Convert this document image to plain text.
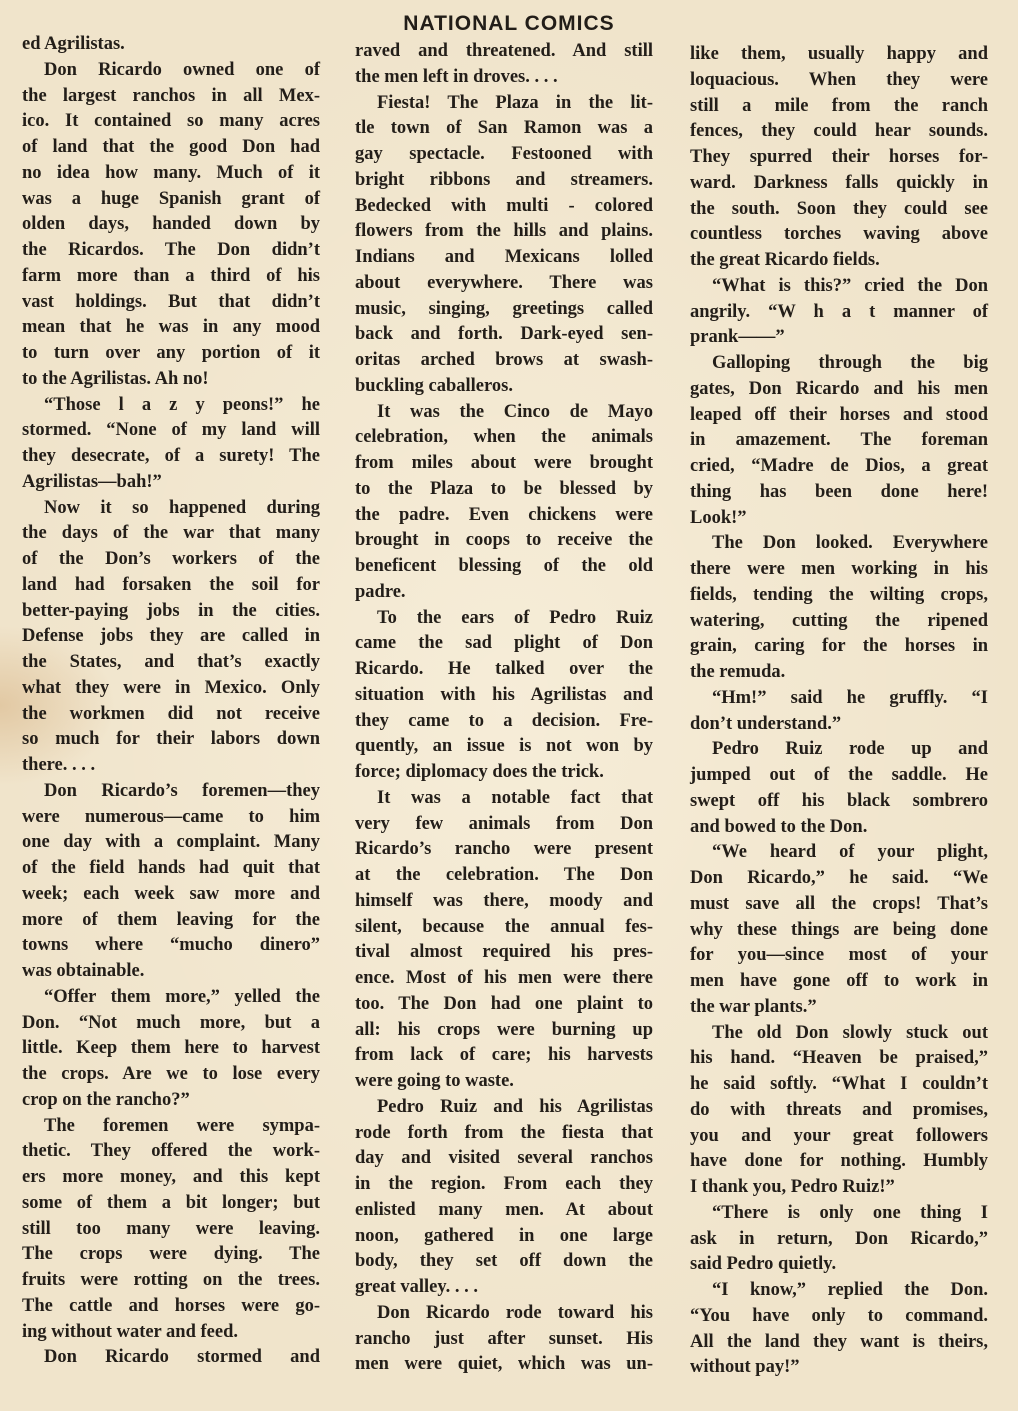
NATIONAL COMICS
ed Agrilistas.
Don Ricardo owned one of
the largest ranchos in all Mex-
ico. It contained so many acres
of land that the good Don had
no idea how many. Much of it
was a huge Spanish grant of
olden days, handed down by
the Ricardos. The Don didn’t
farm more than a third of his
vast holdings. But that didn’t
mean that he was in any mood
to turn over any portion of it
to the Agrilistas. Ah no!
“Those l a z y peons!” he
stormed. “None of my land will
they desecrate, of a surety! The
Agrilistas—bah!”
Now it so happened during
the days of the war that many
of the Don’s workers of the
land had forsaken the soil for
better-paying jobs in the cities.
Defense jobs they are called in
the States, and that’s exactly
what they were in Mexico. Only
the workmen did not receive
so much for their labors down
there. . . .
Don Ricardo’s foremen—they
were numerous—came to him
one day with a complaint. Many
of the field hands had quit that
week; each week saw more and
more of them leaving for the
towns where “mucho dinero”
was obtainable.
“Offer them more,” yelled the
Don. “Not much more, but a
little. Keep them here to harvest
the crops. Are we to lose every
crop on the rancho?”
The foremen were sympa-
thetic. They offered the work-
ers more money, and this kept
some of them a bit longer; but
still too many were leaving.
The crops were dying. The
fruits were rotting on the trees.
The cattle and horses were go-
ing without water and feed.
Don Ricardo stormed and
raved and threatened. And still
the men left in droves. . . .
Fiesta! The Plaza in the lit-
tle town of San Ramon was a
gay spectacle. Festooned with
bright ribbons and streamers.
Bedecked with multi - colored
flowers from the hills and plains.
Indians and Mexicans lolled
about everywhere. There was
music, singing, greetings called
back and forth. Dark-eyed sen-
oritas arched brows at swash-
buckling caballeros.
It was the Cinco de Mayo
celebration, when the animals
from miles about were brought
to the Plaza to be blessed by
the padre. Even chickens were
brought in coops to receive the
beneficent blessing of the old
padre.
To the ears of Pedro Ruiz
came the sad plight of Don
Ricardo. He talked over the
situation with his Agrilistas and
they came to a decision. Fre-
quently, an issue is not won by
force; diplomacy does the trick.
It was a notable fact that
very few animals from Don
Ricardo’s rancho were present
at the celebration. The Don
himself was there, moody and
silent, because the annual fes-
tival almost required his pres-
ence. Most of his men were there
too. The Don had one plaint to
all: his crops were burning up
from lack of care; his harvests
were going to waste.
Pedro Ruiz and his Agrilistas
rode forth from the fiesta that
day and visited several ranchos
in the region. From each they
enlisted many men. At about
noon, gathered in one large
body, they set off down the
great valley. . . .
Don Ricardo rode toward his
rancho just after sunset. His
men were quiet, which was un-
like them, usually happy and
loquacious. When they were
still a mile from the ranch
fences, they could hear sounds.
They spurred their horses for-
ward. Darkness falls quickly in
the south. Soon they could see
countless torches waving above
the great Ricardo fields.
“What is this?” cried the Don
angrily. “W h a t manner of
prank——”
Galloping through the big
gates, Don Ricardo and his men
leaped off their horses and stood
in amazement. The foreman
cried, “Madre de Dios, a great
thing has been done here!
Look!”
The Don looked. Everywhere
there were men working in his
fields, tending the wilting crops,
watering, cutting the ripened
grain, caring for the horses in
the remuda.
“Hm!” said he gruffly. “I
don’t understand.”
Pedro Ruiz rode up and
jumped out of the saddle. He
swept off his black sombrero
and bowed to the Don.
“We heard of your plight,
Don Ricardo,” he said. “We
must save all the crops! That’s
why these things are being done
for you—since most of your
men have gone off to work in
the war plants.”
The old Don slowly stuck out
his hand. “Heaven be praised,”
he said softly. “What I couldn’t
do with threats and promises,
you and your great followers
have done for nothing. Humbly
I thank you, Pedro Ruiz!”
“There is only one thing I
ask in return, Don Ricardo,”
said Pedro quietly.
“I know,” replied the Don.
“You have only to command.
All the land they want is theirs,
without pay!”
